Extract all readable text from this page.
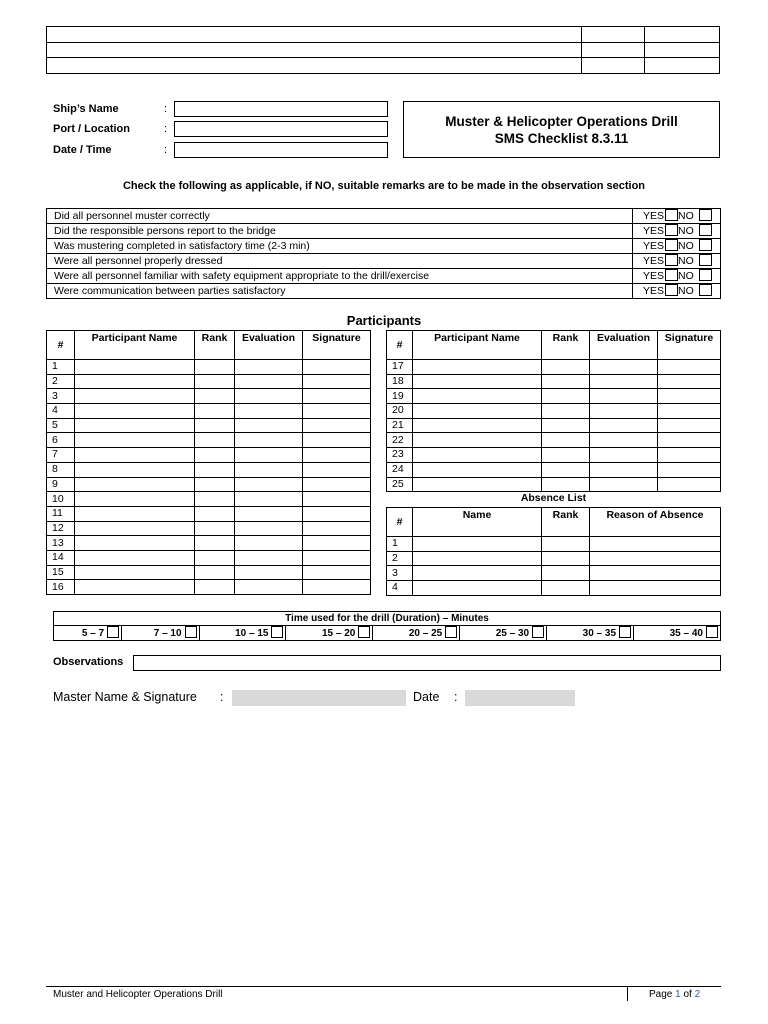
Ship’s Name	:
Port / Location	:
Date / Time	:
Muster & Helicopter Operations Drill
SMS Checklist 8.3.11
Check the following as applicable, if NO, suitable remarks are to be made in the observation section
Did all personnel muster correctly	YES NO
Did the responsible persons report to the bridge	YES NO
Was mustering completed in satisfactory time (2-3 min)	YES NO
Were all personnel properly dressed	YES NO
Were all personnel familiar with safety equipment appropriate to the drill/exercise	YES NO
Were communication between parties satisfactory	YES NO
Participants
#	Participant Name	Rank	Evaluation	Signature
1				
2				
3				
4				
5				
6				
7				
8				
9				
10				
11				
12				
13				
14				
15				
16				
#	Participant Name	Rank	Evaluation	Signature
17				
18				
19				
20				
21				
22				
23				
24				
25				
Absence List
#	Name	Rank	Reason of Absence
1			
2			
3			
4			
Time used for the drill (Duration) – Minutes
5 – 7	7 – 10	10 – 15	15 – 20	20 – 25	25 – 30	30 – 35	35 – 40
Observations
Master Name & Signature :	Date :
Muster and Helicopter Operations Drill	Page 1 of 2
